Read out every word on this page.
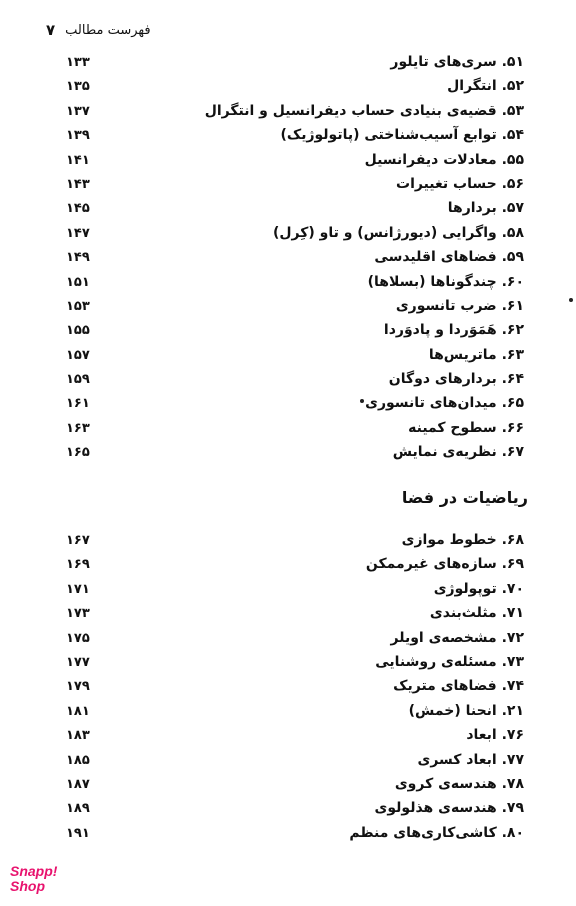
۷ فهرست مطالب
۵۱. سری‌های تایلور
۱۳۳
۵۲. انتگرال
۱۳۵
۵۳. قضیه‌ی بنیادی حساب دیفرانسیل و انتگرال
۱۳۷
۵۴. توابع آسیب‌شناختی (پاتولوژیک)
۱۳۹
۵۵. معادلات دیفرانسیل
۱۴۱
۵۶. حساب تغییرات
۱۴۳
۵۷. بردارها
۱۴۵
۵۸. واگرایی (دیورژانس) و تاو (کِرل)
۱۴۷
۵۹. فضاهای اقلیدسی
۱۴۹
۶۰. چندگوناها (بسلاها)
۱۵۱
۶۱. ضرب تانسوری
۱۵۳
۶۲. هَمَوَردا و پادوَردا
۱۵۵
۶۳. ماتریس‌ها
۱۵۷
۶۴. بردارهای دوگان
۱۵۹
۶۵. میدان‌های تانسوری
۱۶۱
۶۶. سطوح کمینه
۱۶۳
۶۷. نظریه‌ی نمایش
۱۶۵
ریاضیات در فضا
۶۸. خطوط موازی
۱۶۷
۶۹. سازه‌های غیرممکن
۱۶۹
۷۰. توپولوژی
۱۷۱
۷۱. مثلث‌بندی
۱۷۳
۷۲. مشخصه‌ی اویلر
۱۷۵
۷۳. مسئله‌ی روشنایی
۱۷۷
۷۴. فضاهای متریک
۱۷۹
۲۱. انحنا (خمش)
۱۸۱
۷۶. ابعاد
۱۸۳
۷۷. ابعاد کسری
۱۸۵
۷۸. هندسه‌ی کروی
۱۸۷
۷۹. هندسه‌ی هذلولوی
۱۸۹
۸۰. کاشی‌کاری‌های منظم
۱۹۱
Snapp!
Shop
